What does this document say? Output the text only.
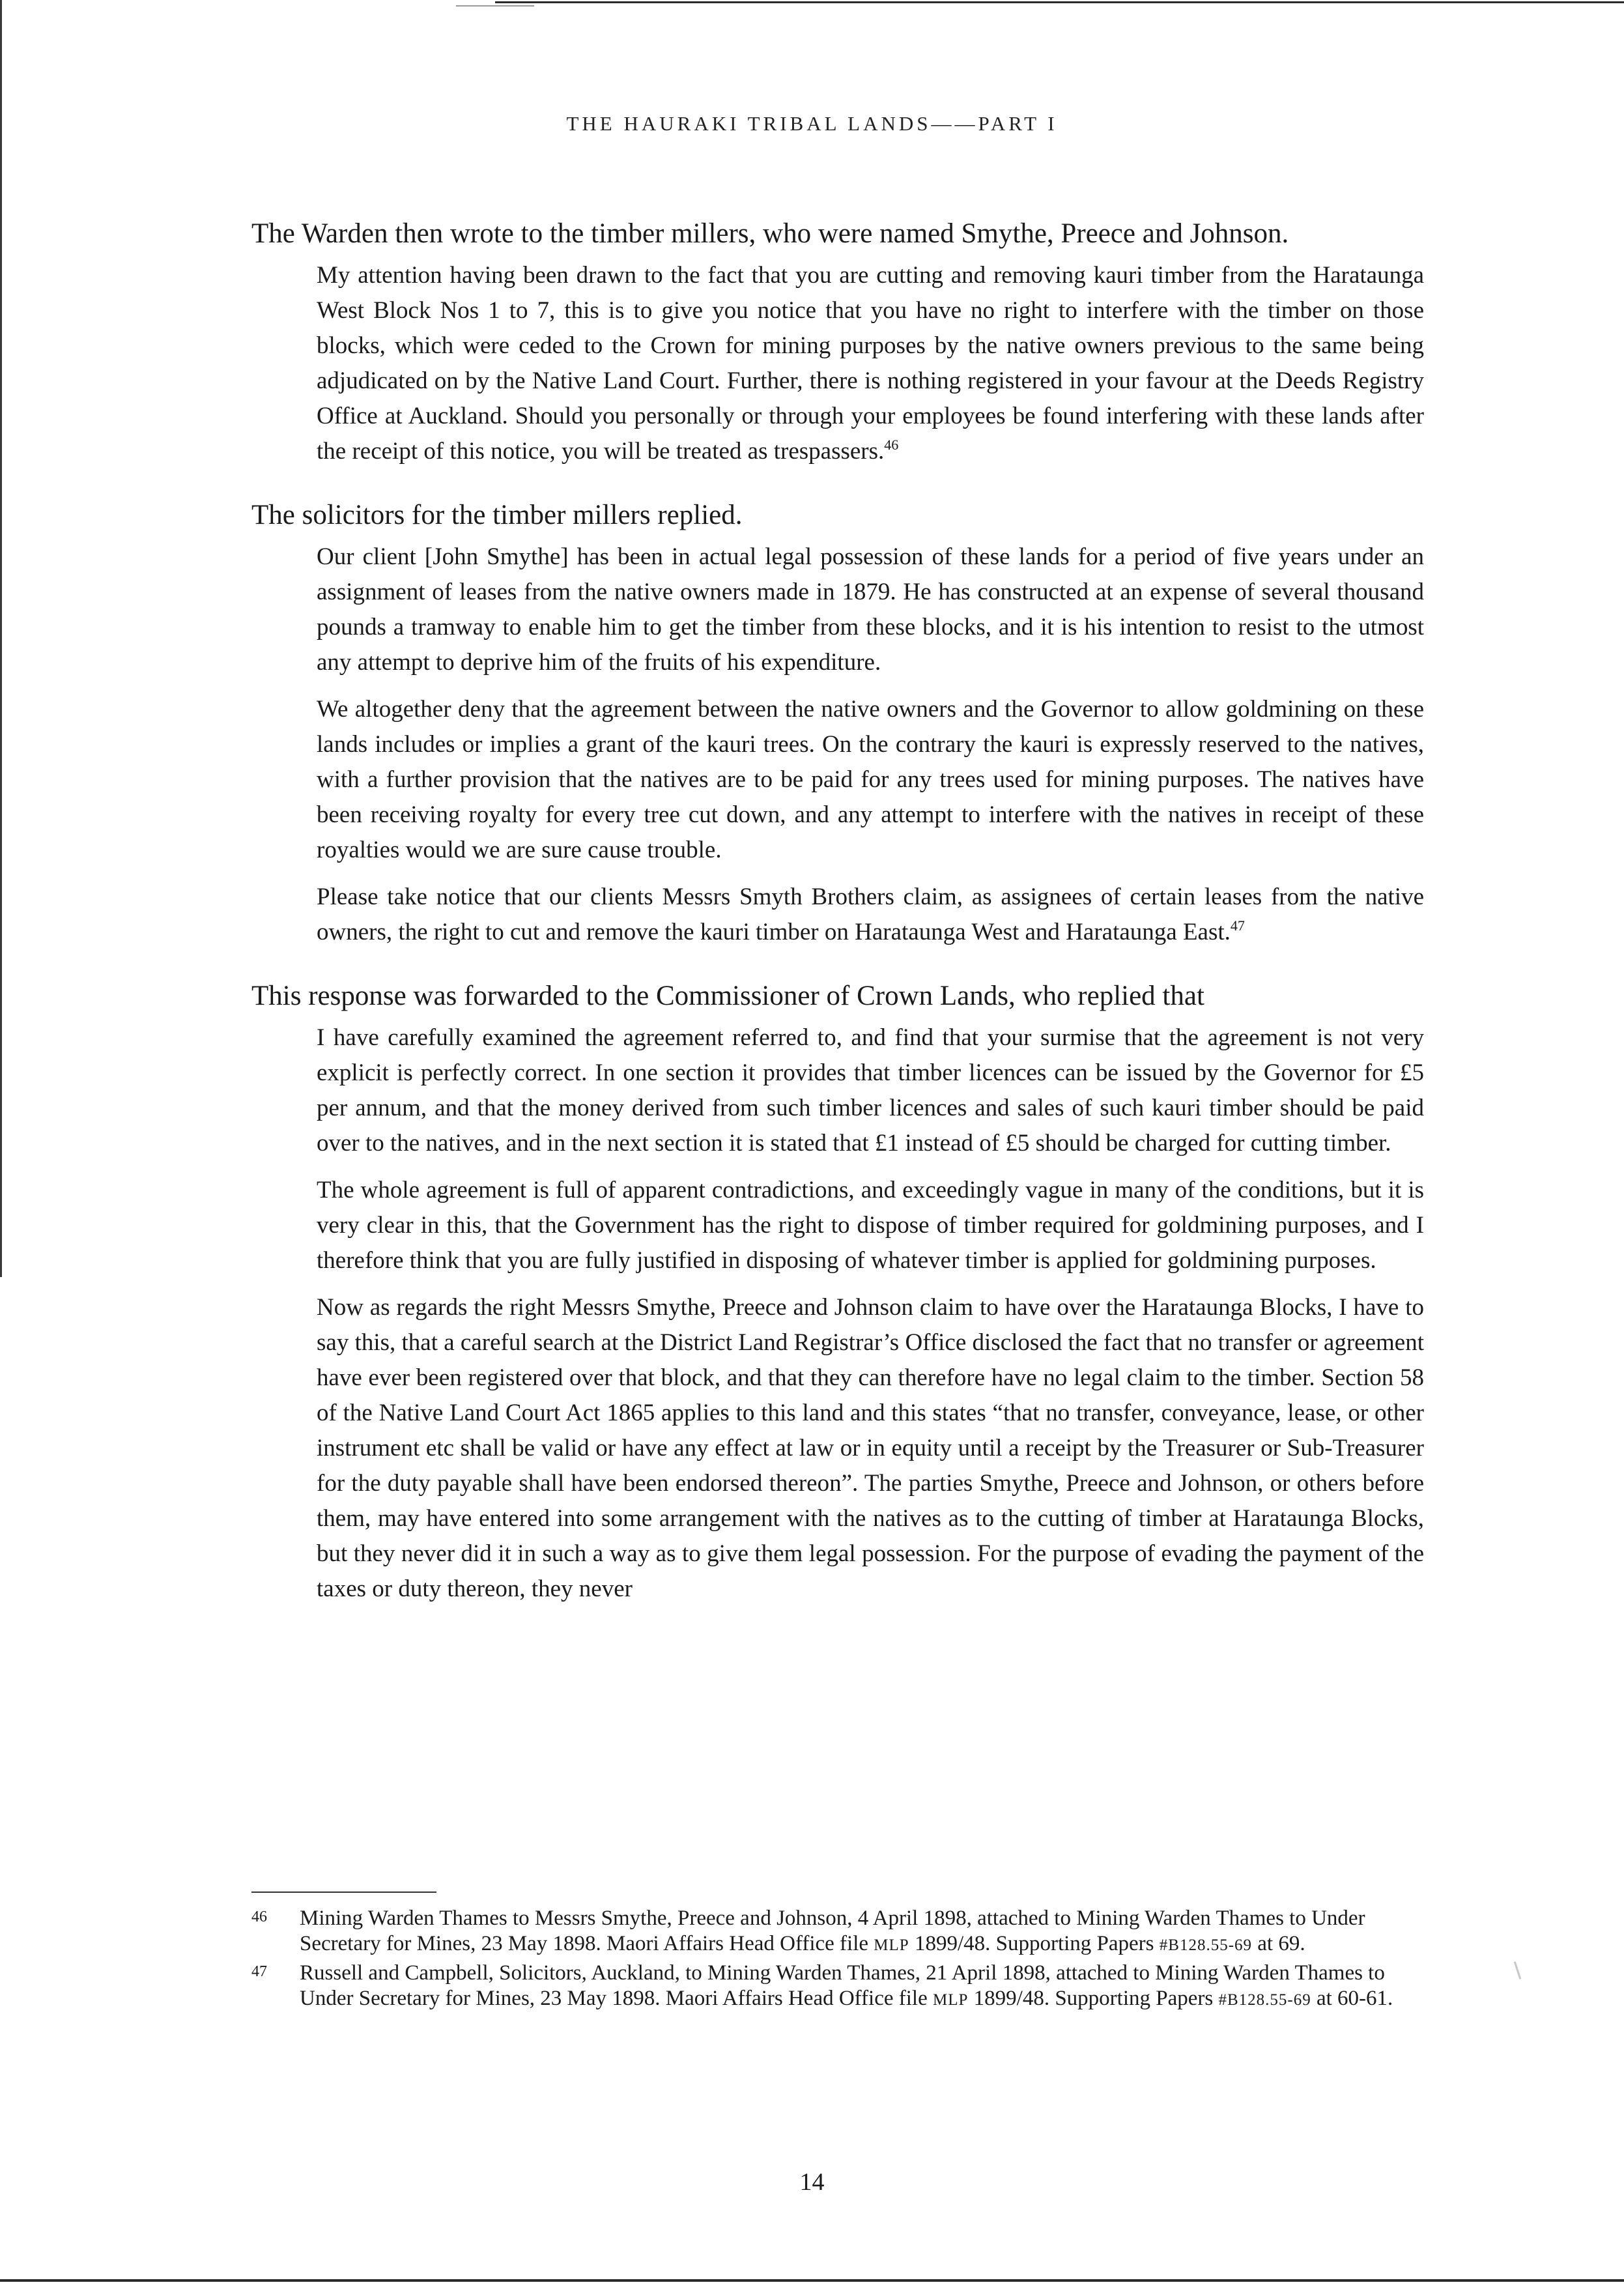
THE HAURAKI TRIBAL LANDS——PART I

The Warden then wrote to the timber millers, who were named Smythe, Preece and Johnson.

My attention having been drawn to the fact that you are cutting and removing kauri timber from the Harataunga West Block Nos 1 to 7, this is to give you notice that you have no right to interfere with the timber on those blocks, which were ceded to the Crown for mining purposes by the native owners previous to the same being adjudicated on by the Native Land Court. Further, there is nothing registered in your favour at the Deeds Registry Office at Auckland. Should you personally or through your employees be found interfering with these lands after the receipt of this notice, you will be treated as trespassers.$^{46}$

The solicitors for the timber millers replied.

Our client [John Smythe] has been in actual legal possession of these lands for a period of five years under an assignment of leases from the native owners made in 1879. He has constructed at an expense of several thousand pounds a tramway to enable him to get the timber from these blocks, and it is his intention to resist to the utmost any attempt to deprive him of the fruits of his expenditure.

We altogether deny that the agreement between the native owners and the Governor to allow goldmining on these lands includes or implies a grant of the kauri trees. On the contrary the kauri is expressly reserved to the natives, with a further provision that the natives are to be paid for any trees used for mining purposes. The natives have been receiving royalty for every tree cut down, and any attempt to interfere with the natives in receipt of these royalties would we are sure cause trouble.

Please take notice that our clients Messrs Smyth Brothers claim, as assignees of certain leases from the native owners, the right to cut and remove the kauri timber on Harataunga West and Harataunga East.$^{47}$

This response was forwarded to the Commissioner of Crown Lands, who replied that

I have carefully examined the agreement referred to, and find that your surmise that the agreement is not very explicit is perfectly correct. In one section it provides that timber licences can be issued by the Governor for £5 per annum, and that the money derived from such timber licences and sales of such kauri timber should be paid over to the natives, and in the next section it is stated that £1 instead of £5 should be charged for cutting timber.

The whole agreement is full of apparent contradictions, and exceedingly vague in many of the conditions, but it is very clear in this, that the Government has the right to dispose of timber required for goldmining purposes, and I therefore think that you are fully justified in disposing of whatever timber is applied for goldmining purposes.

Now as regards the right Messrs Smythe, Preece and Johnson claim to have over the Harataunga Blocks, I have to say this, that a careful search at the District Land Registrar’s Office disclosed the fact that no transfer or agreement have ever been registered over that block, and that they can therefore have no legal claim to the timber. Section 58 of the Native Land Court Act 1865 applies to this land and this states “that no transfer, conveyance, lease, or other instrument etc shall be valid or have any effect at law or in equity until a receipt by the Treasurer or Sub-Treasurer for the duty payable shall have been endorsed thereon”. The parties Smythe, Preece and Johnson, or others before them, may have entered into some arrangement with the natives as to the cutting of timber at Harataunga Blocks, but they never did it in such a way as to give them legal possession. For the purpose of evading the payment of the taxes or duty thereon, they never

46 Mining Warden Thames to Messrs Smythe, Preece and Johnson, 4 April 1898, attached to Mining Warden Thames to Under Secretary for Mines, 23 May 1898. Maori Affairs Head Office file MLP 1899/48. Supporting Papers #B128.55-69 at 69.

47 Russell and Campbell, Solicitors, Auckland, to Mining Warden Thames, 21 April 1898, attached to Mining Warden Thames to Under Secretary for Mines, 23 May 1898. Maori Affairs Head Office file MLP 1899/48. Supporting Papers #B128.55-69 at 60-61.

14
